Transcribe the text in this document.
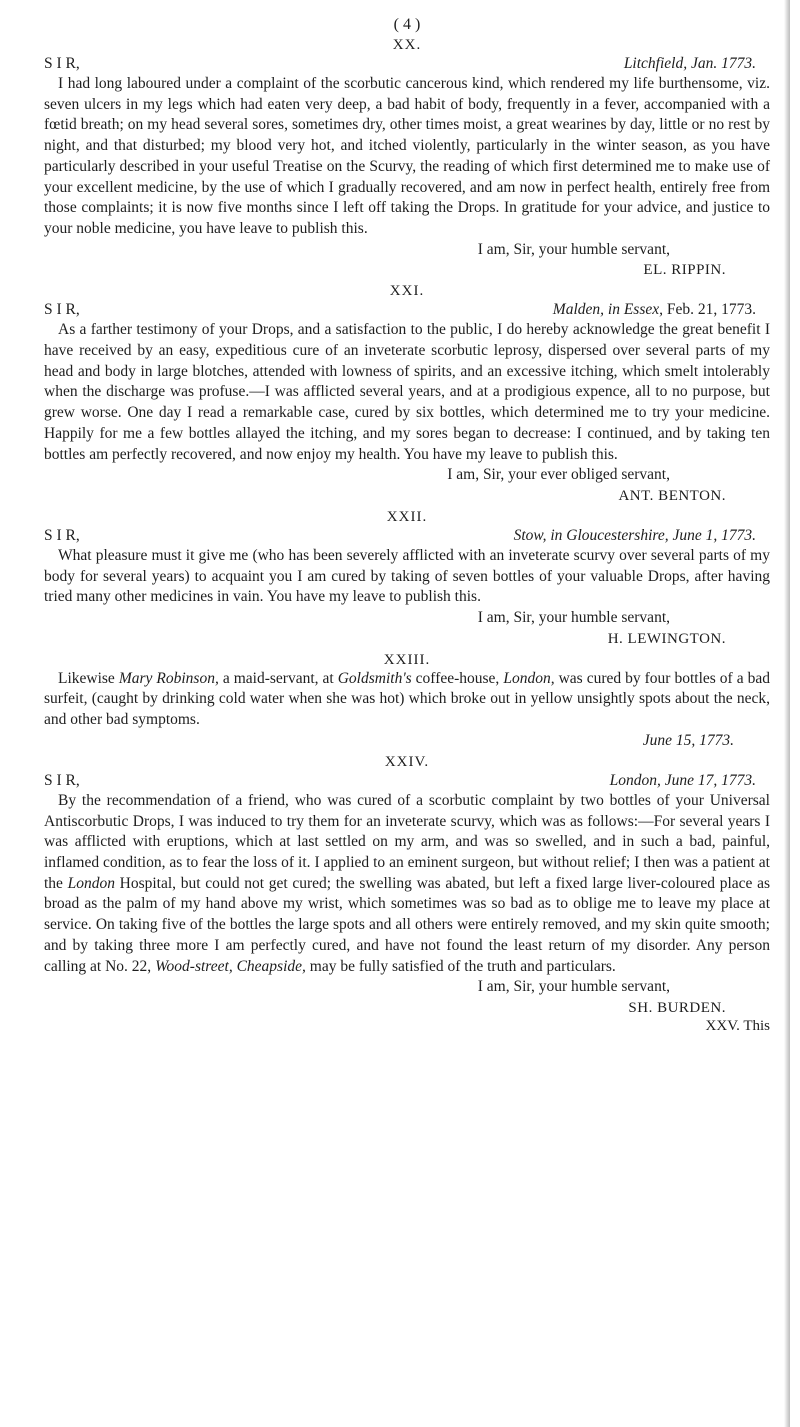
( 4 )
XX.
S I R,	Litchfield, Jan. 1773.

I had long laboured under a complaint of the scorbutic cancerous kind, which rendered my life burthensome, viz. seven ulcers in my legs which had eaten very deep, a bad habit of body, frequently in a fever, accompanied with a fœtid breath; on my head several sores, sometimes dry, other times moist, a great wearines by day, little or no rest by night, and that disturbed; my blood very hot, and itched violently, particularly in the winter season, as you have particularly described in your useful Treatise on the Scurvy, the reading of which first determined me to make use of your excellent medicine, by the use of which I gradually recovered, and am now in perfect health, entirely free from those complaints; it is now five months since I left off taking the Drops. In gratitude for your advice, and justice to your noble medicine, you have leave to publish this.

I am, Sir, your humble servant,

EL. RIPPIN.

XXI.
S I R,	Malden, in Essex, Feb. 21, 1773.

As a farther testimony of your Drops, and a satisfaction to the public, I do hereby acknowledge the great benefit I have received by an easy, expeditious cure of an inveterate scorbutic leprosy, dispersed over several parts of my head and body in large blotches, attended with lowness of spirits, and an excessive itching, which smelt intolerably when the discharge was profuse.—I was afflicted several years, and at a prodigious expence, all to no purpose, but grew worse. One day I read a remarkable case, cured by six bottles, which determined me to try your medicine. Happily for me a few bottles allayed the itching, and my sores began to decrease: I continued, and by taking ten bottles am perfectly recovered, and now enjoy my health. You have my leave to publish this.

I am, Sir, your ever obliged servant,

ANT. BENTON.

XXII.
S I R,	Stow, in Gloucestershire, June 1, 1773.

What pleasure must it give me (who has been severely afflicted with an inveterate scurvy over several parts of my body for several years) to acquaint you I am cured by taking of seven bottles of your valuable Drops, after having tried many other medicines in vain. You have my leave to publish this.

I am, Sir, your humble servant,

H. LEWINGTON.

XXIII.

Likewise Mary Robinson, a maid-servant, at Goldsmith's coffee-house, London, was cured by four bottles of a bad surfeit, (caught by drinking cold water when she was hot) which broke out in yellow unsightly spots about the neck, and other bad symptoms.

June 15, 1773.

XXIV.
S I R,	London, June 17, 1773.

By the recommendation of a friend, who was cured of a scorbutic complaint by two bottles of your Universal Antiscorbutic Drops, I was induced to try them for an inveterate scurvy, which was as follows:—For several years I was afflicted with eruptions, which at last settled on my arm, and was so swelled, and in such a bad, painful, inflamed condition, as to fear the loss of it. I applied to an eminent surgeon, but without relief; I then was a patient at the London Hospital, but could not get cured; the swelling was abated, but left a fixed large liver-coloured place as broad as the palm of my hand above my wrist, which sometimes was so bad as to oblige me to leave my place at service. On taking five of the bottles the large spots and all others were entirely removed, and my skin quite smooth; and by taking three more I am perfectly cured, and have not found the least return of my disorder. Any person calling at No. 22, Wood-street, Cheapside, may be fully satisfied of the truth and particulars.

I am, Sir, your humble servant,

SH. BURDEN.

XXV. This
